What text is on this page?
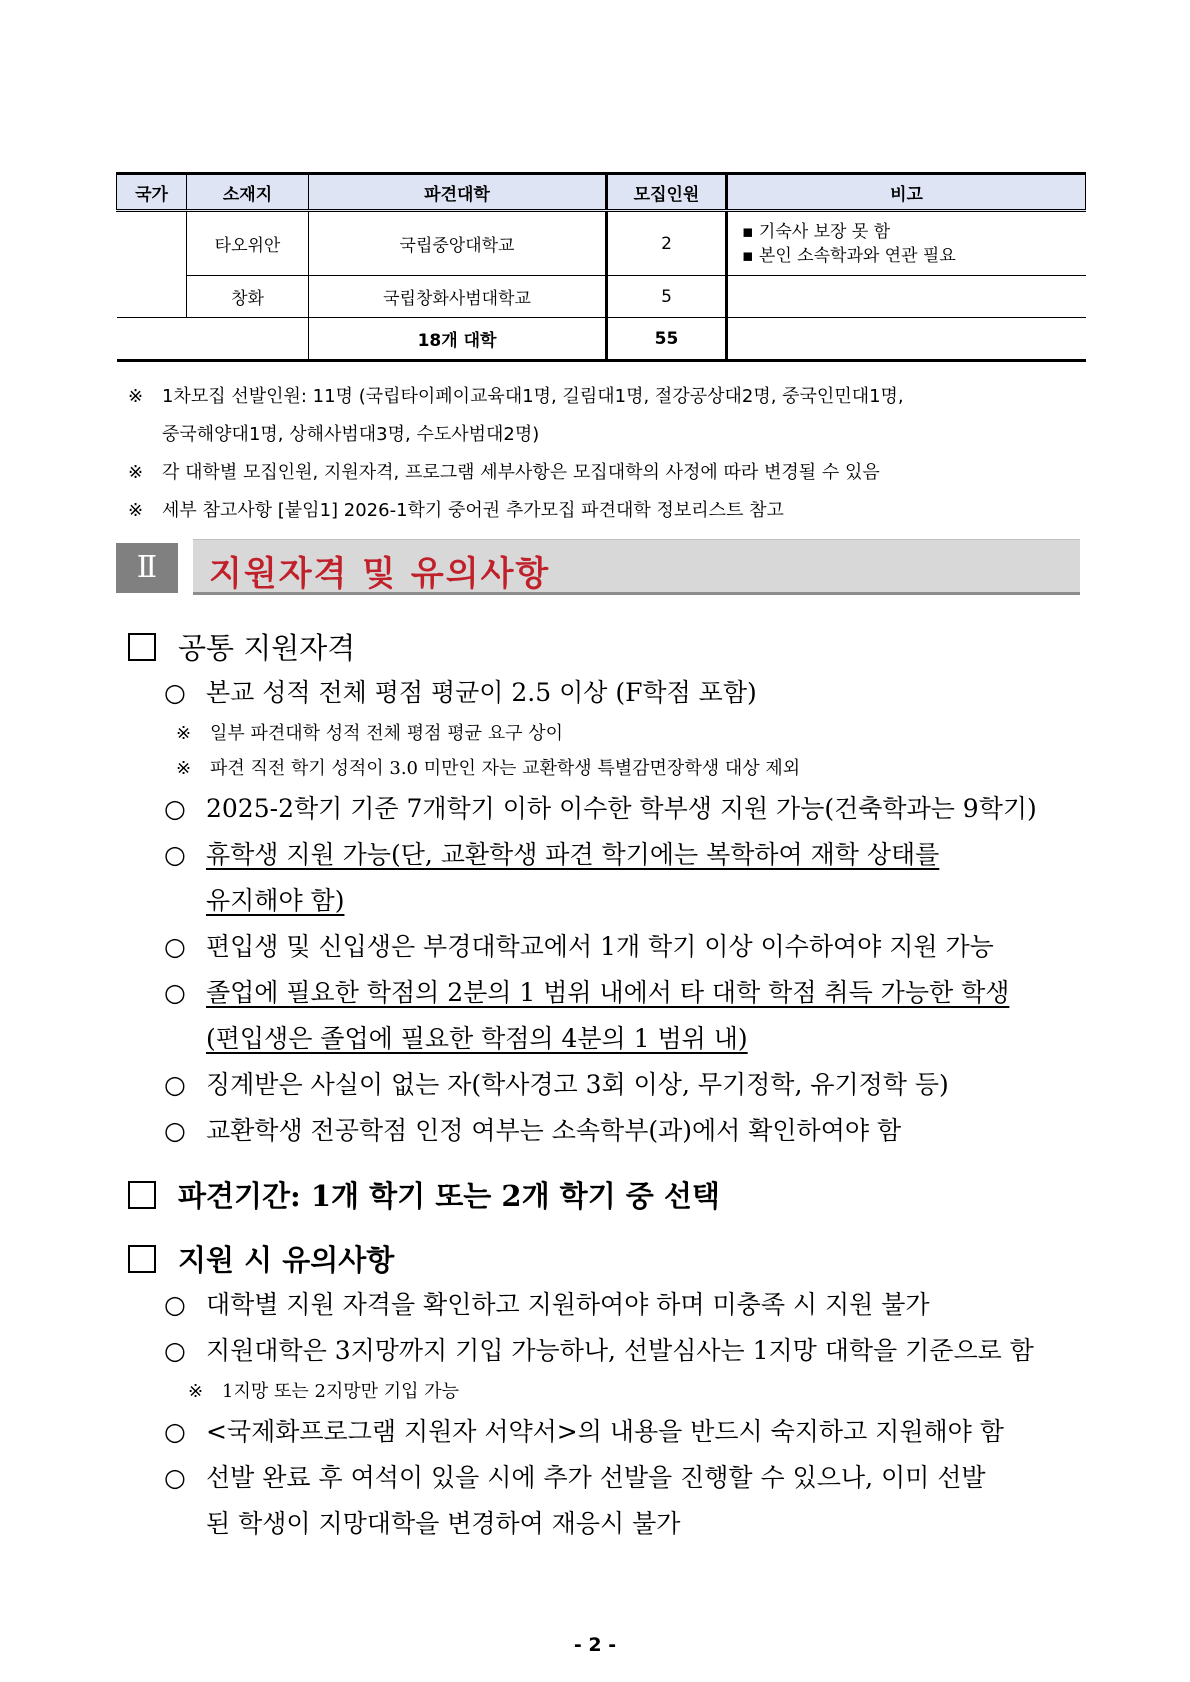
국가	소재지	파견대학	모집인원	비고
	타오위안	국립중앙대학교	2	▪ 기숙사 보장 못 함
▪ 본인 소속학과와 연관 필요

	창화	국립창화사범대학교	5	
		18개 대학	55	
※ 1차모집 선발인원: 11명 (국립타이페이교육대1명, 길림대1명, 절강공상대2명, 중국인민대1명,
중국해양대1명, 상해사범대3명, 수도사범대2명)
※ 각 대학별 모집인원, 지원자격, 프로그램 세부사항은 모집대학의 사정에 따라 변경될 수 있음
※ 세부 참고사항 [붙임1] 2026-1학기 중어권 추가모집 파견대학 정보리스트 참고
Ⅱ	지원자격 및 유의사항
공통 지원자격
○ 본교 성적 전체 평점 평균이 2.5 이상 (F학점 포함)
※ 일부 파견대학 성적 전체 평점 평균 요구 상이
※ 파견 직전 학기 성적이 3.0 미만인 자는 교환학생 특별감면장학생 대상 제외
○ 2025-2학기 기준 7개학기 이하 이수한 학부생 지원 가능(건축학과는 9학기)
○ 휴학생 지원 가능(단, 교환학생 파견 학기에는 복학하여 재학 상태를
유지해야 함)
○ 편입생 및 신입생은 부경대학교에서 1개 학기 이상 이수하여야 지원 가능
○ 졸업에 필요한 학점의 2분의 1 범위 내에서 타 대학 학점 취득 가능한 학생
(편입생은 졸업에 필요한 학점의 4분의 1 범위 내)
○ 징계받은 사실이 없는 자(학사경고 3회 이상, 무기정학, 유기정학 등)
○ 교환학생 전공학점 인정 여부는 소속학부(과)에서 확인하여야 함
파견기간: 1개 학기 또는 2개 학기 중 선택
지원 시 유의사항
○ 대학별 지원 자격을 확인하고 지원하여야 하며 미충족 시 지원 불가
○ 지원대학은 3지망까지 기입 가능하나, 선발심사는 1지망 대학을 기준으로 함
※ 1지망 또는 2지망만 기입 가능
○ <국제화프로그램 지원자 서약서>의 내용을 반드시 숙지하고 지원해야 함
○ 선발 완료 후 여석이 있을 시에 추가 선발을 진행할 수 있으나, 이미 선발
된 학생이 지망대학을 변경하여 재응시 불가
- 2 -
